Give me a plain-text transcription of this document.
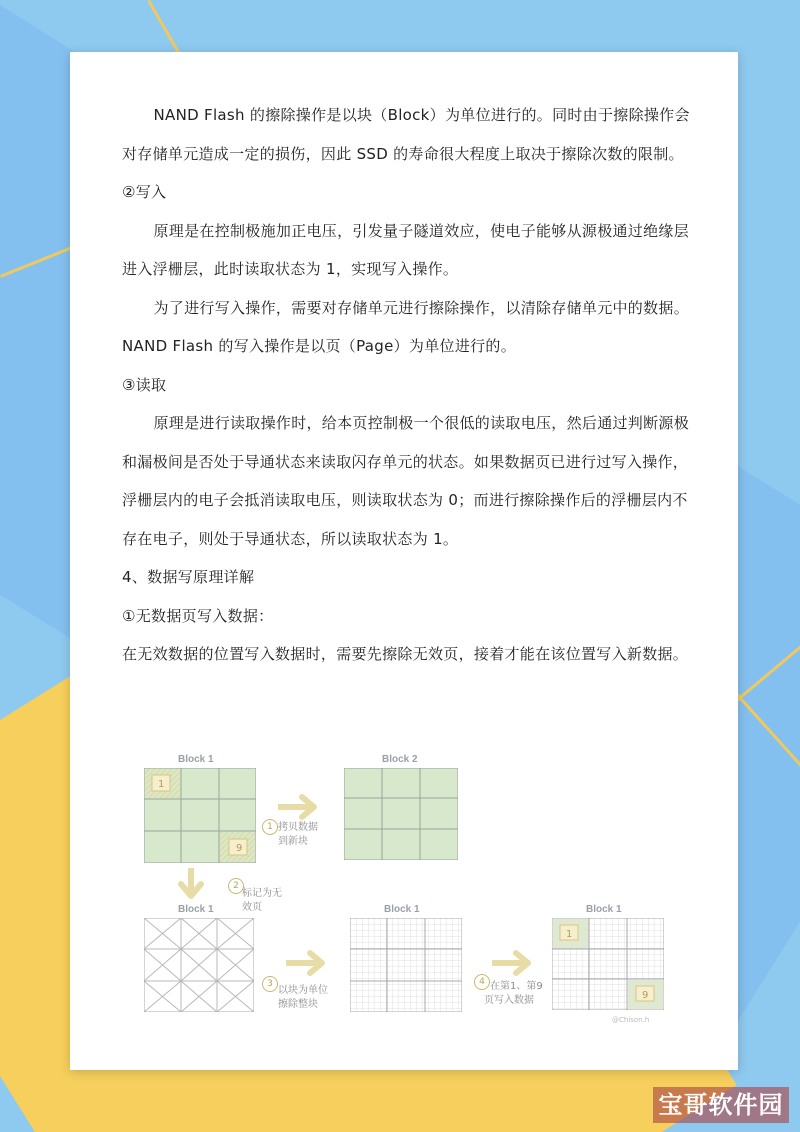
NAND Flash 的擦除操作是以块（Block）为单位进行的。同时由于擦除操作会对存储单元造成一定的损伤，因此 SSD 的寿命很大程度上取决于擦除次数的限制。

②写入

原理是在控制极施加正电压，引发量子隧道效应，使电子能够从源极通过绝缘层进入浮栅层，此时读取状态为 1，实现写入操作。

为了进行写入操作，需要对存储单元进行擦除操作，以清除存储单元中的数据。NAND Flash 的写入操作是以页（Page）为单位进行的。

③读取

原理是进行读取操作时，给本页控制极一个很低的读取电压，然后通过判断源极和漏极间是否处于导通状态来读取闪存单元的状态。如果数据页已进行过写入操作，浮栅层内的电子会抵消读取电压，则读取状态为 0；而进行擦除操作后的浮栅层内不存在电子，则处于导通状态，所以读取状态为 1。

4、数据写原理详解

①无数据页写入数据：

在无效数据的位置写入数据时，需要先擦除无效页，接着才能在该位置写入新数据。

Block 1
1
9
1 拷贝数据
到新块
Block 2
2
标记为无
效页
Block 1
3
以块为单位
擦除整块
Block 1
4 在第1、第9
页写入数据
Block 1
1
9
@Chison.h
宝哥软件园
